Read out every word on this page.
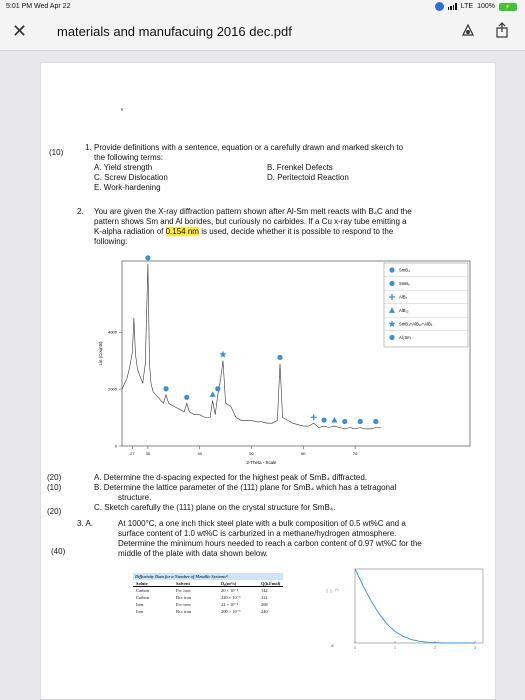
5:01 PM Wed Apr 22	LTE 100%	⚡
✕ materials and manufacuing 2016 dec.pdf
(10)
1. Provide definitions with a sentence, equation or a carefully drawn and marked skeıch to
the following terms:
A. Yield strength	B. Frenkel Defects
C. Screw Dislocation	D. Peritectoid Reaction
E. Work-hardening
2. You are given the X-ray diffraction pattern shown after Al-Sm melt reacts with B₄C and the
pattern shows Sm and Al borides, but curiously no carbides. If a Cu x-ray tube emitting a
K-alpha radiation of 0.154 nm is used, decide whether it is possible to respond to the
following:
0
2000
4000
27	30	40	50	60	70
2-Theta - Scale
Lin (Counts)
SmB₄
SmB₆
AlB₂
AlB₁₂
SmB₄+AlB₁₂+AlB₂
Al₂Sm
(20)
(10)
(20)
A. Determine the d-spacing expected for the highest peak of SmB₄ diffracted.
B. Determine the lattice parameter of the (111) plane for SmB₄ which has a tetragonal
structure.
C. Sketch carefully the (111) plane on the crystal structure for SmB₄.
3. A.	At 1000°C, a one inch thick steel plate with a bulk composition of 0.5 wt%C and a
surface content of 1.0 wt%C is carburized in a methane/hydrogen atmosphere.
Determine the minimum hours needed to reach a carbon content of 0.97 wt%C for the
middle of the plate with data shown below.
(40)
Diffusivity Data for a Number of Metallic Systems*
Solute	Solvent	D₀(m²/s)	Q(kJ/mol)
Carbon	Fcc iron	20 × 10⁻⁶	142
Carbon	Bcc iron	220 × 10⁻⁶	122
Iron	Fcc iron	22 × 10⁻⁶	268
Iron	Bcc iron	200 × 10⁻⁶	240
0	1	2	3
𝓍
